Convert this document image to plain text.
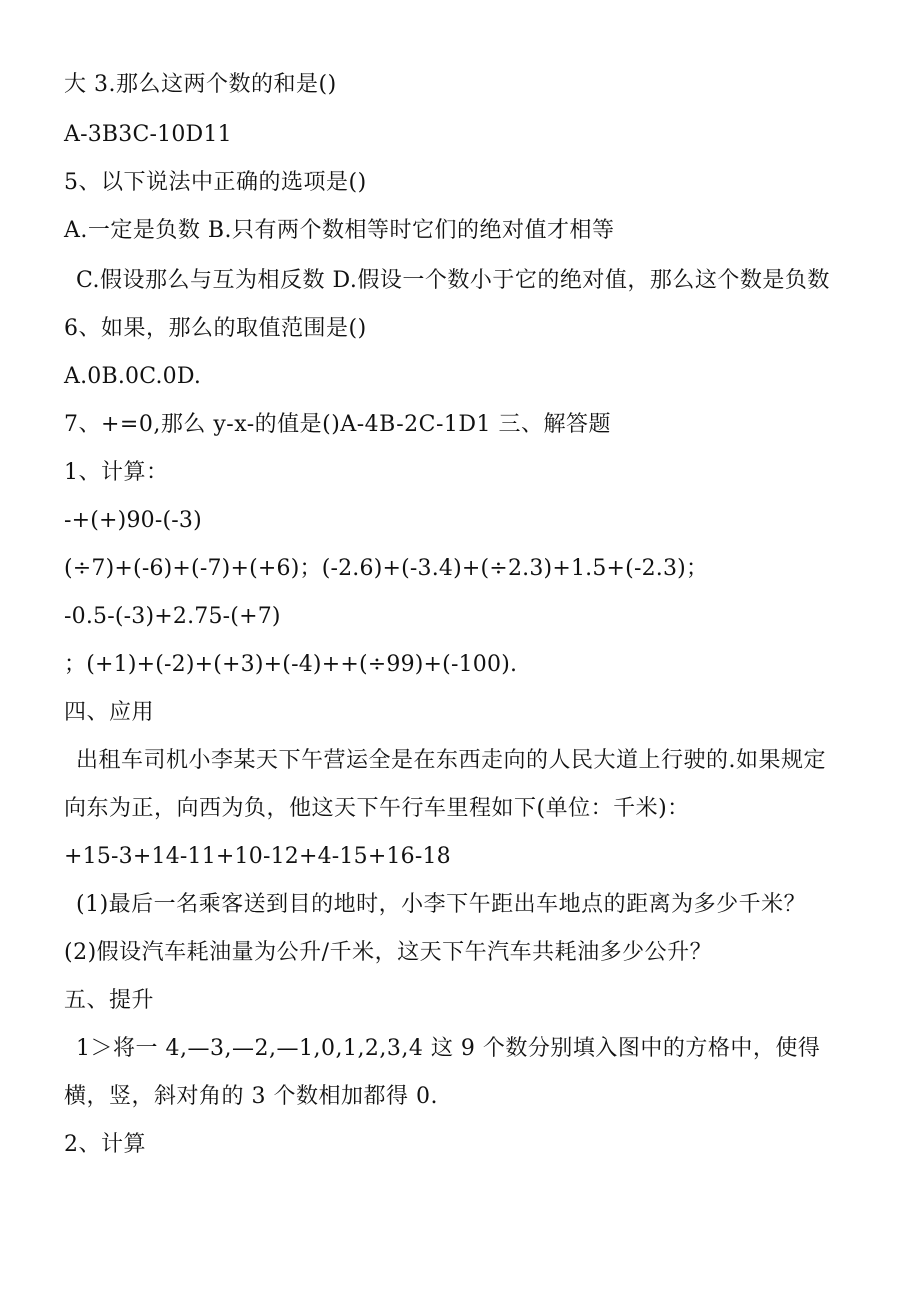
大 3.那么这两个数的和是()
A-3B3C-10D11
5、以下说法中正确的选项是()
A.一定是负数 B.只有两个数相等时它们的绝对值才相等
C.假设那么与互为相反数 D.假设一个数小于它的绝对值，那么这个数是负数
6、如果，那么的取值范围是()
A.0B.0C.0D.
7、+=0,那么 y-x-的值是()A-4B-2C-1D1 三、解答题
1、计算：
-+(+)90-(-3)
(÷7)+(-6)+(-7)+(+6)；(-2.6)+(-3.4)+(÷2.3)+1.5+(-2.3)；
-0.5-(-3)+2.75-(+7)
；(+1)+(-2)+(+3)+(-4)++(÷99)+(-100).
四、应用
出租车司机小李某天下午营运全是在东西走向的人民大道上行驶的.如果规定
向东为正，向西为负，他这天下午行车里程如下(单位：千米)：
+15-3+14-11+10-12+4-15+16-18
(1)最后一名乘客送到目的地时，小李下午距出车地点的距离为多少千米？
(2)假设汽车耗油量为公升/千米，这天下午汽车共耗油多少公升？
五、提升
1＞将一 4,—3,—2,—1,0,1,2,3,4 这 9 个数分别填入图中的方格中，使得
横，竖，斜对角的 3 个数相加都得 0.
2、计算
